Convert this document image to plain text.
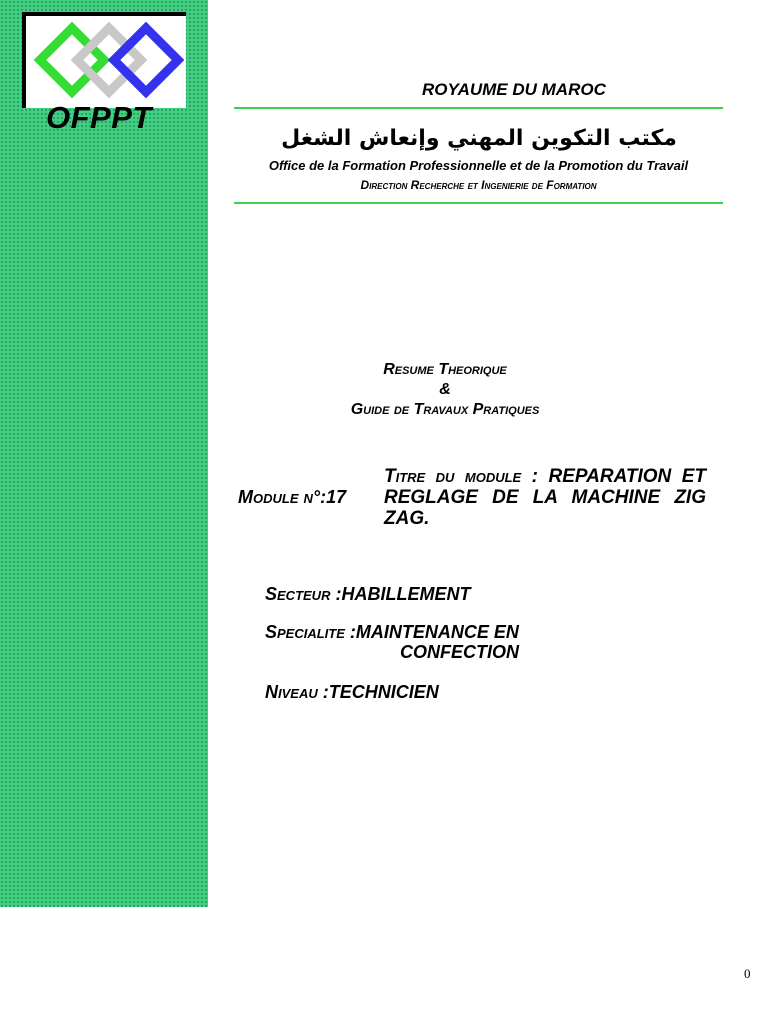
OFPPT
ROYAUME DU MAROC
مكتب التكوين المهني وإنعاش الشغل
Office de la Formation Professionnelle et de la Promotion du Travail
Direction Recherche et Ingenierie de Formation
Resume Theorique
&
Guide de Travaux Pratiques
Module n°:17
Titre du module : REPARATION ET REGLAGE DE LA MACHINE ZIG ZAG.
Secteur :HABILLEMENT
Specialite :MAINTENANCE EN
CONFECTION
Niveau :TECHNICIEN
0
